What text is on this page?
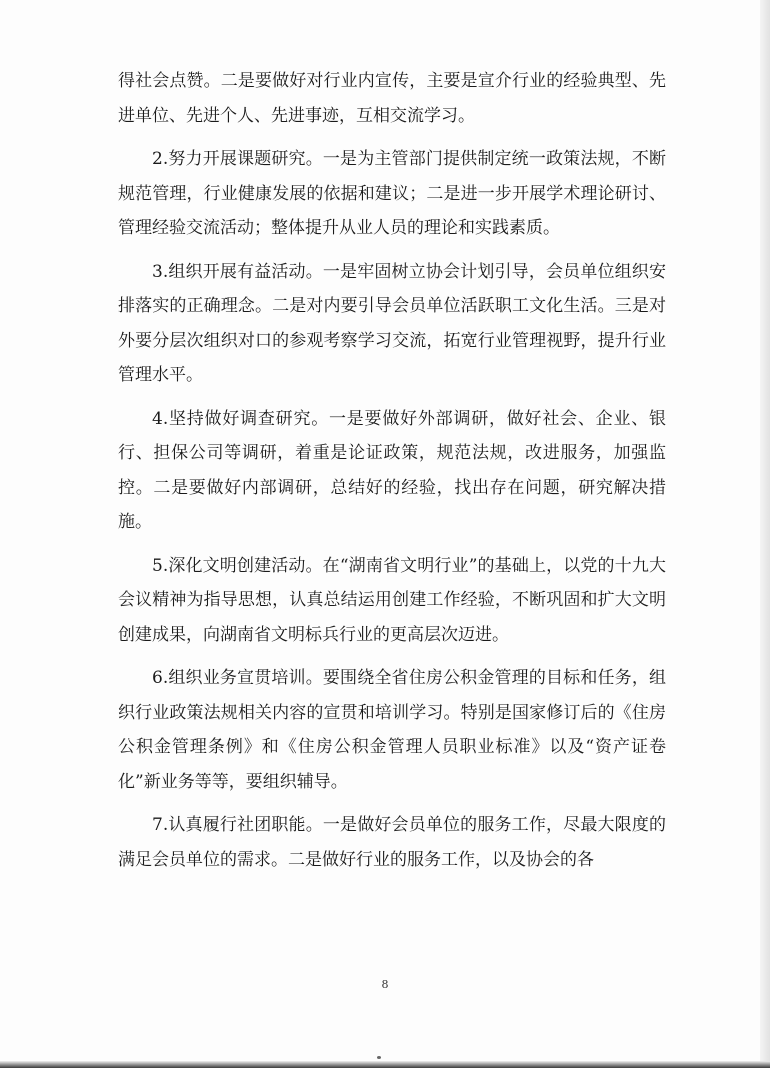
得社会点赞。二是要做好对行业内宣传，主要是宣介行业的经验典型、先进单位、先进个人、先进事迹，互相交流学习。

2.努力开展课题研究。一是为主管部门提供制定统一政策法规，不断规范管理，行业健康发展的依据和建议；二是进一步开展学术理论研讨、管理经验交流活动；整体提升从业人员的理论和实践素质。

3.组织开展有益活动。一是牢固树立协会计划引导，会员单位组织安排落实的正确理念。二是对内要引导会员单位活跃职工文化生活。三是对外要分层次组织对口的参观考察学习交流，拓宽行业管理视野，提升行业管理水平。

4.坚持做好调查研究。一是要做好外部调研，做好社会、企业、银行、担保公司等调研，着重是论证政策，规范法规，改进服务，加强监控。二是要做好内部调研，总结好的经验，找出存在问题，研究解决措施。

5.深化文明创建活动。在“湖南省文明行业”的基础上，以党的十九大会议精神为指导思想，认真总结运用创建工作经验，不断巩固和扩大文明创建成果，向湖南省文明标兵行业的更高层次迈进。

6.组织业务宣贯培训。要围绕全省住房公积金管理的目标和任务，组织行业政策法规相关内容的宣贯和培训学习。特别是国家修订后的《住房公积金管理条例》和《住房公积金管理人员职业标准》以及“资产证卷化”新业务等等，要组织辅导。

7.认真履行社团职能。一是做好会员单位的服务工作，尽最大限度的满足会员单位的需求。二是做好行业的服务工作，以及协会的各

8
